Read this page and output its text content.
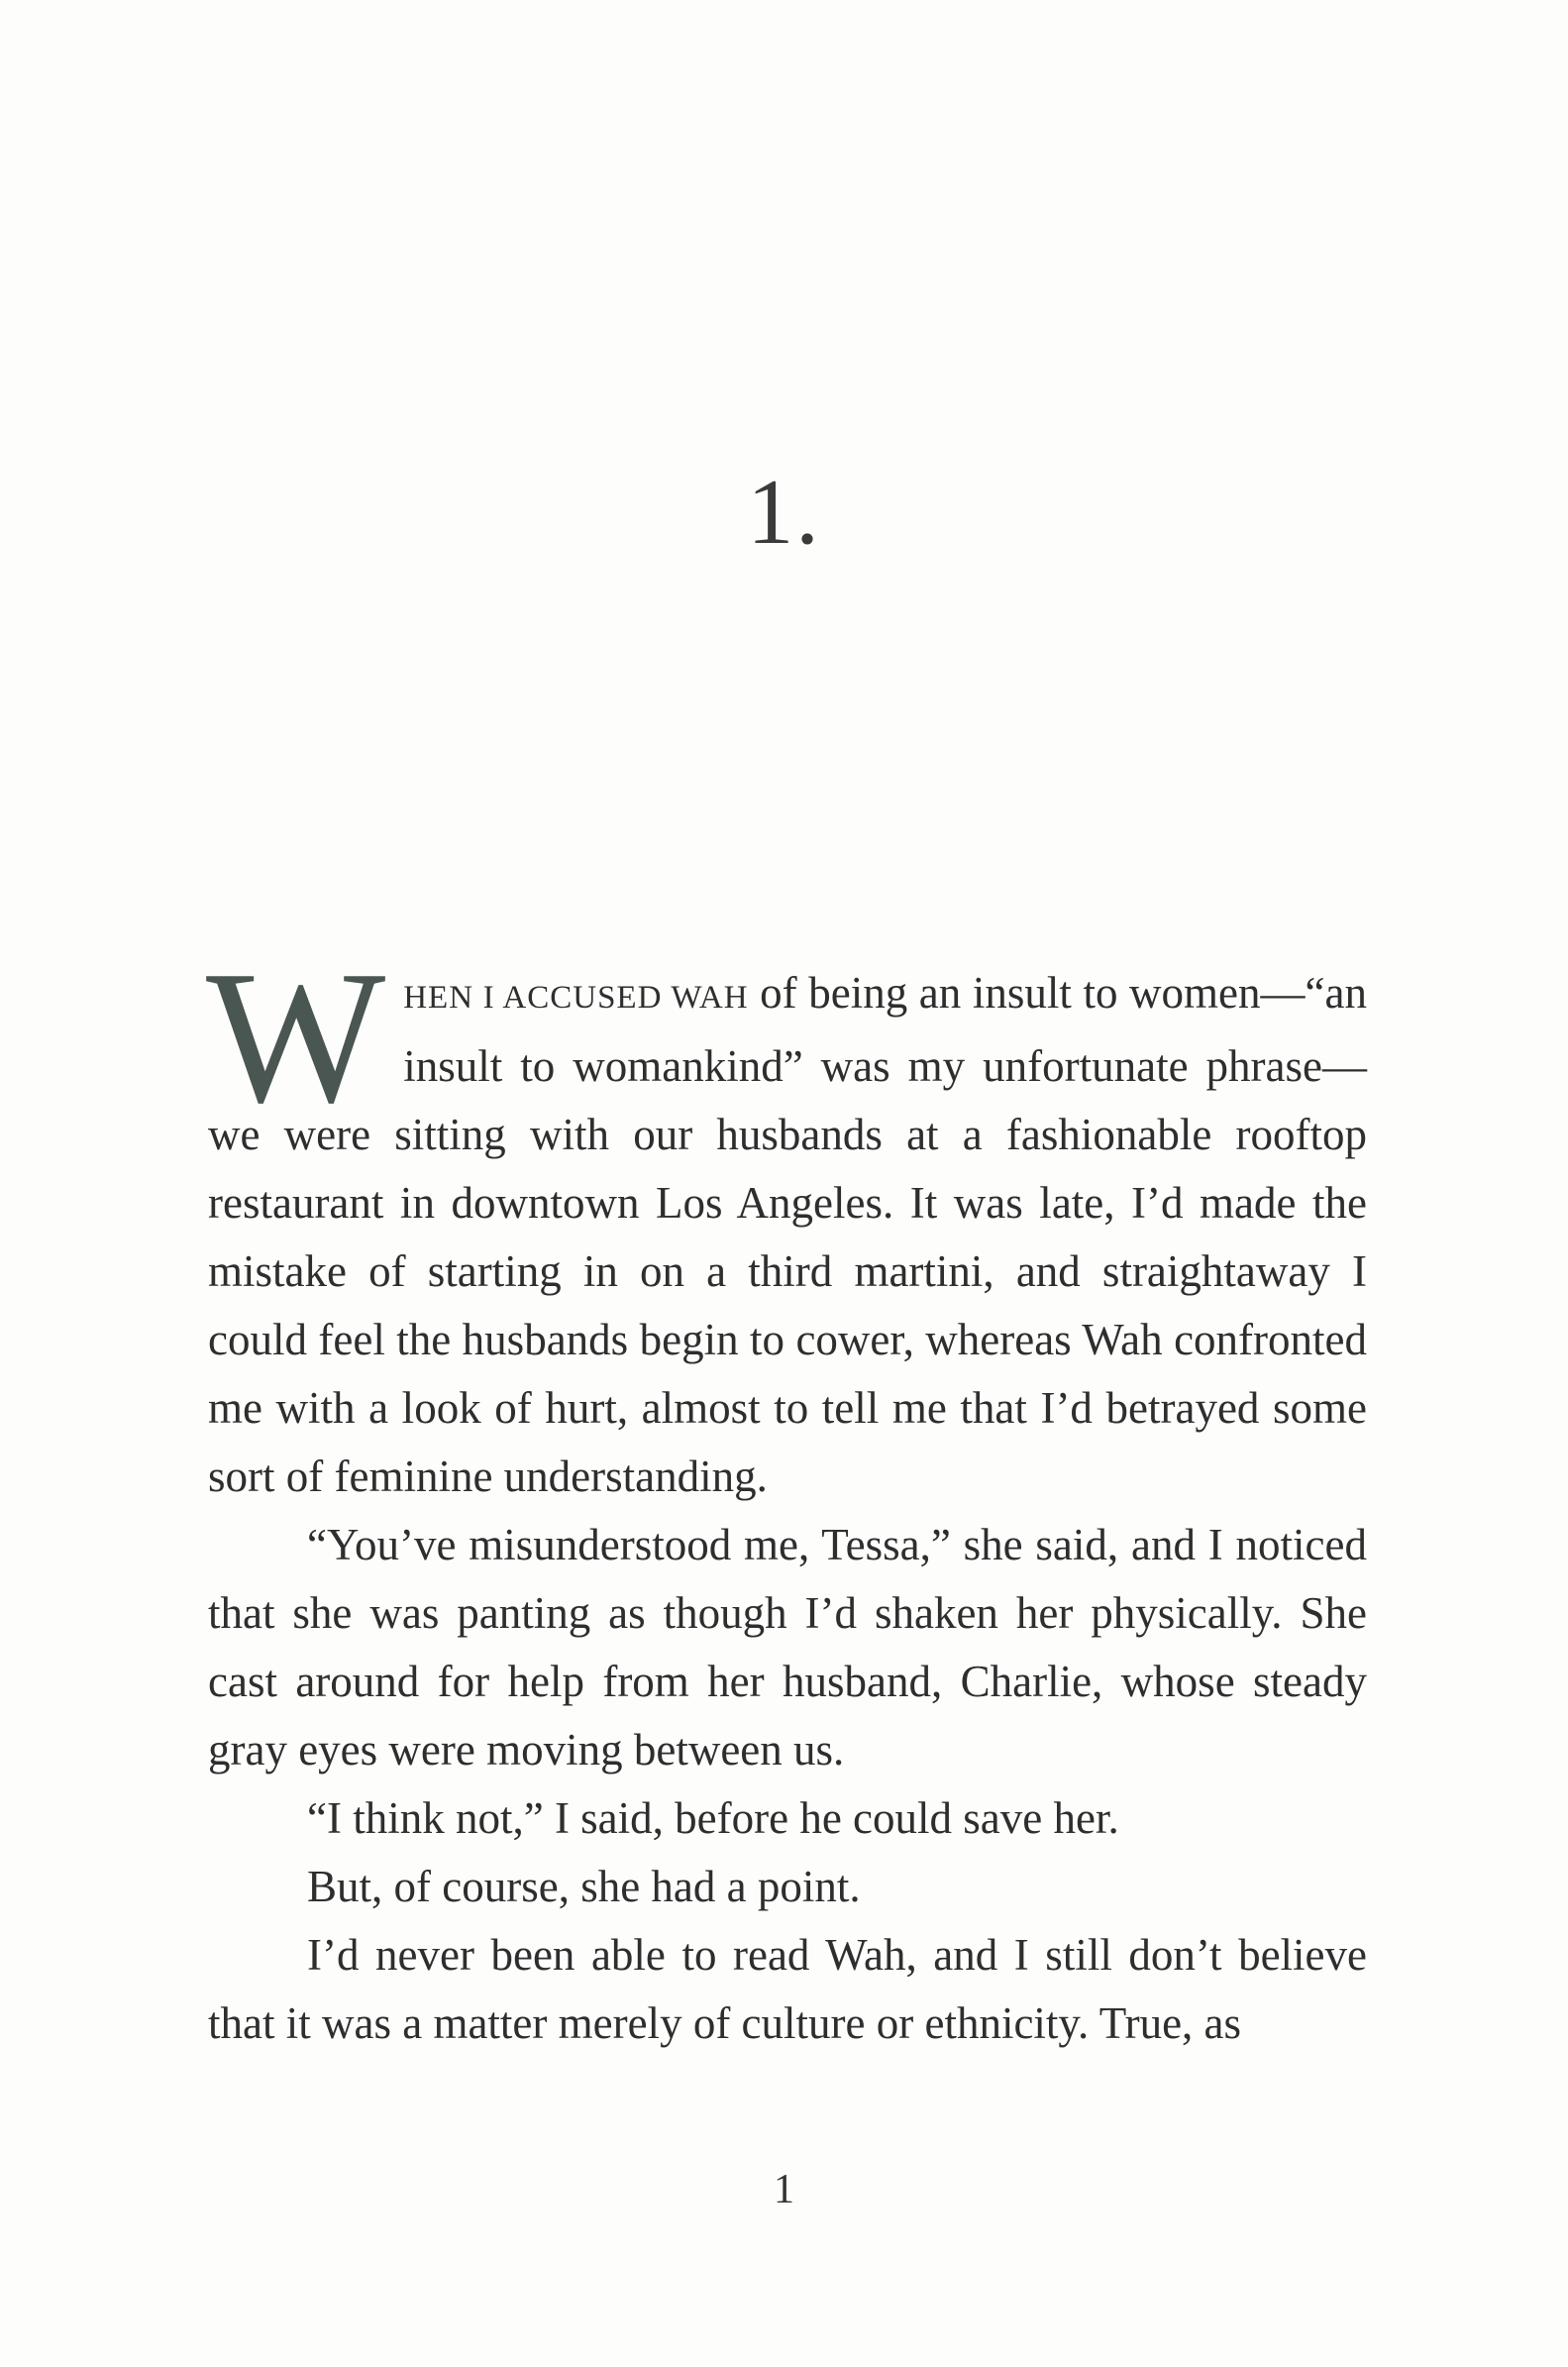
1.

WHEN I ACCUSED WAH of being an insult to women—“an insult to womankind” was my unfortunate phrase—we were sitting with our husbands at a fashionable rooftop restaurant in downtown Los Angeles. It was late, I’d made the mistake of starting in on a third martini, and straightaway I could feel the husbands begin to cower, whereas Wah confronted me with a look of hurt, almost to tell me that I’d betrayed some sort of feminine understanding.

“You’ve misunderstood me, Tessa,” she said, and I noticed that she was panting as though I’d shaken her physically. She cast around for help from her husband, Charlie, whose steady gray eyes were moving between us.

“I think not,” I said, before he could save her.

But, of course, she had a point.

I’d never been able to read Wah, and I still don’t believe that it was a matter merely of culture or ethnicity. True, as

1
